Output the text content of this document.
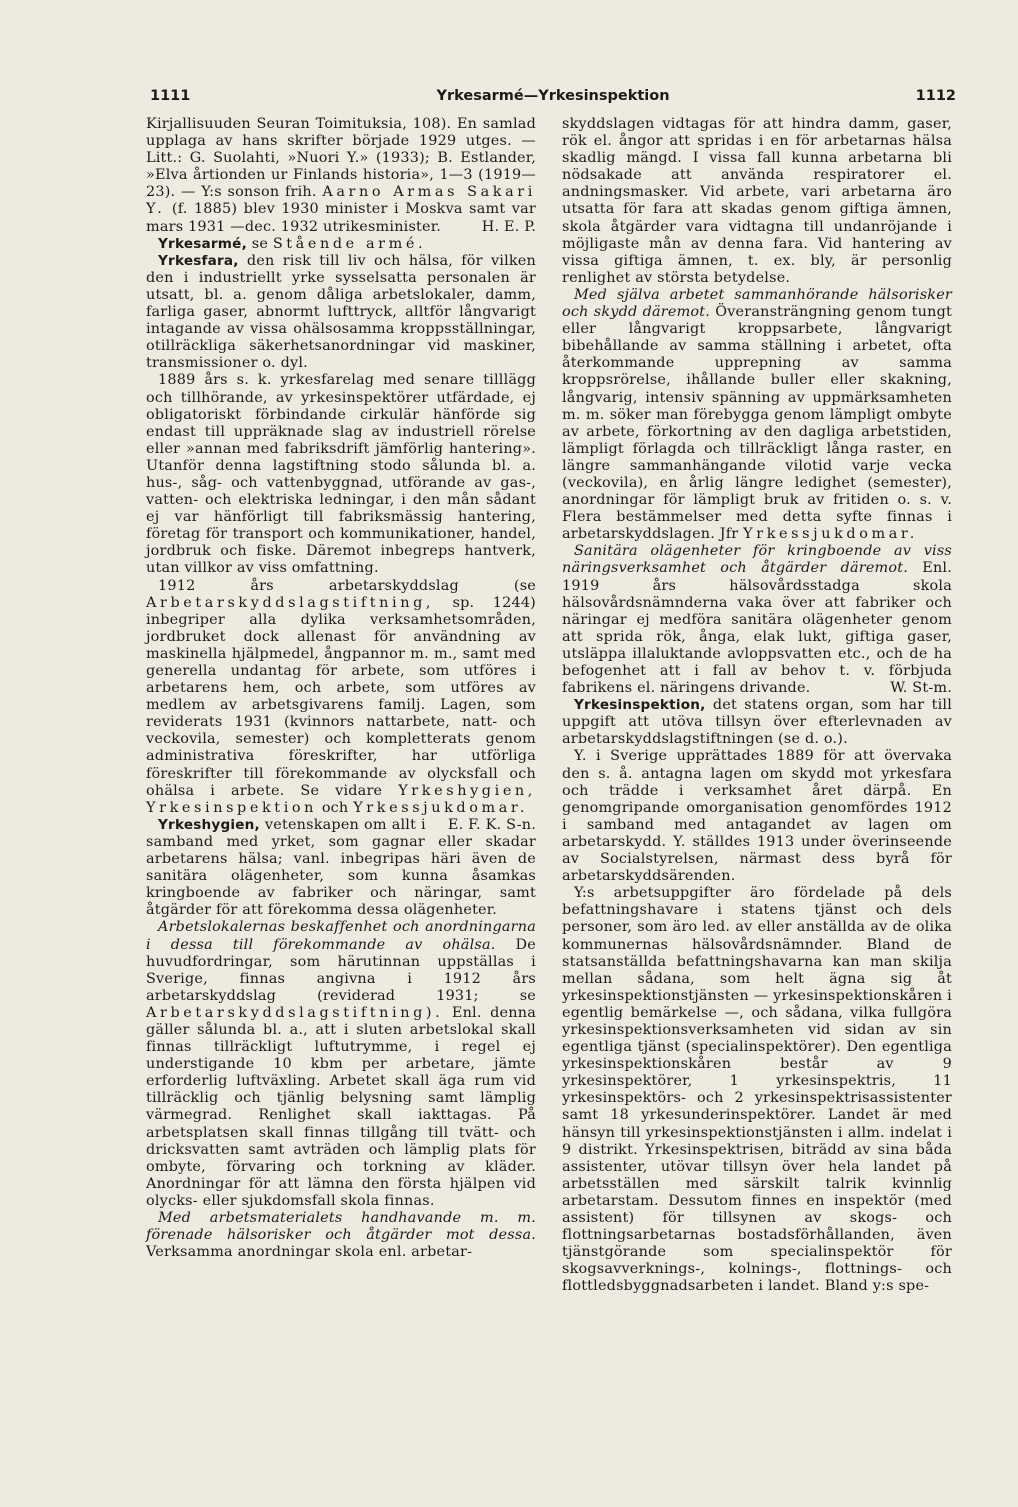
1111	Yrkesarmé—Yrkesinspektion	1112

Kirjallisuuden Seuran Toimituksia, 108). En samlad upplaga av hans skrifter började 1929 utges. — Litt.: G. Suolahti, »Nuori Y.» (1933); B. Estlander, »Elva årtionden ur Finlands historia», 1—3 (1919—23). — Y:s sonson frih. Aarno Armas Sakari Y. (f. 1885) blev 1930 minister i Moskva samt var mars 1931 —dec. 1932 utrikesminister.	H. E. P.

Yrkesarmé, se Stående armé.

Yrkesfara, den risk till liv och hälsa, för vilken den i industriellt yrke sysselsatta personalen är utsatt, bl. a. genom dåliga arbetslokaler, damm, farliga gaser, abnormt lufttryck, alltför långvarigt intagande av vissa ohälsosamma kroppsställningar, otillräckliga säkerhetsanordningar vid maskiner, transmissioner o. dyl.

1889 års s. k. yrkesfarelag med senare tilllägg och tillhörande, av yrkesinspektörer utfärdade, ej obligatoriskt förbindande cirkulär hänförde sig endast till uppräknade slag av industriell rörelse eller »annan med fabriksdrift jämförlig hantering». Utanför denna lagstiftning stodo sålunda bl. a. hus-, såg- och vattenbyggnad, utförande av gas-, vatten- och elektriska ledningar, i den mån sådant ej var hänförligt till fabriksmässig hantering, företag för transport och kommunikationer, handel, jordbruk och fiske. Däremot inbegreps hantverk, utan villkor av viss omfattning.

1912 års arbetarskyddslag (se Arbetarskyddslagstiftning, sp. 1244) inbegriper alla dylika verksamhetsområden, jordbruket dock allenast för användning av maskinella hjälpmedel, ångpannor m. m., samt med generella undantag för arbete, som utföres i arbetarens hem, och arbete, som utföres av medlem av arbetsgivarens familj. Lagen, som reviderats 1931 (kvinnors nattarbete, natt- och veckovila, semester) och kompletterats genom administrativa föreskrifter, har utförliga föreskrifter till förekommande av olycksfall och ohälsa i arbete. Se vidare Yrkeshygien, Yrkesinspektion och Yrkessjukdomar.
E. F. K. S-n.

Yrkeshygien, vetenskapen om allt i samband med yrket, som gagnar eller skadar arbetarens hälsa; vanl. inbegripas häri även de sanitära olägenheter, som kunna åsamkas kringboende av fabriker och näringar, samt åtgärder för att förekomma dessa olägenheter.

Arbetslokalernas beskaffenhet och anordningarna i dessa till förekommande av ohälsa. De huvudfordringar, som härutinnan uppställas i Sverige, finnas angivna i 1912 års arbetarskyddslag (reviderad 1931; se Arbetarskyddslagstiftning). Enl. denna gäller sålunda bl. a., att i sluten arbetslokal skall finnas tillräckligt luftutrymme, i regel ej understigande 10 kbm per arbetare, jämte erforderlig luftväxling. Arbetet skall äga rum vid tillräcklig och tjänlig belysning samt lämplig värmegrad. Renlighet skall iakttagas. På arbetsplatsen skall finnas tillgång till tvätt- och dricksvatten samt avträden och lämplig plats för ombyte, förvaring och torkning av kläder. Anordningar för att lämna den första hjälpen vid olycks- eller sjukdomsfall skola finnas.

Med arbetsmaterialets handhavande m. m. förenade hälsorisker och åtgärder mot dessa. Verksamma anordningar skola enl. arbetar-

skyddslagen vidtagas för att hindra damm, gaser, rök el. ångor att spridas i en för arbetarnas hälsa skadlig mängd. I vissa fall kunna arbetarna bli nödsakade att använda respiratorer el. andningsmasker. Vid arbete, vari arbetarna äro utsatta för fara att skadas genom giftiga ämnen, skola åtgärder vara vidtagna till undanröjande i möjligaste mån av denna fara. Vid hantering av vissa giftiga ämnen, t. ex. bly, är personlig renlighet av största betydelse.

Med själva arbetet sammanhörande hälsorisker och skydd däremot. Överansträngning genom tungt eller långvarigt kroppsarbete, långvarigt bibehållande av samma ställning i arbetet, ofta återkommande upprepning av samma kroppsrörelse, ihållande buller eller skakning, långvarig, intensiv spänning av uppmärksamheten m. m. söker man förebygga genom lämpligt ombyte av arbete, förkortning av den dagliga arbetstiden, lämpligt förlagda och tillräckligt långa raster, en längre sammanhängande vilotid varje vecka (veckovila), en årlig längre ledighet (semester), anordningar för lämpligt bruk av fritiden o. s. v. Flera bestämmelser med detta syfte finnas i arbetarskyddslagen. Jfr Yrkessjukdomar.

Sanitära olägenheter för kringboende av viss näringsverksamhet och åtgärder däremot. Enl. 1919 års hälsovårdsstadga skola hälsovårdsnämnderna vaka över att fabriker och näringar ej medföra sanitära olägenheter genom att sprida rök, ånga, elak lukt, giftiga gaser, utsläppa illaluktande avloppsvatten etc., och de ha befogenhet att i fall av behov t. v. förbjuda fabrikens el. näringens drivande.	W. St-m.

Yrkesinspektion, det statens organ, som har till uppgift att utöva tillsyn över efterlevnaden av arbetarskyddslagstiftningen (se d. o.).

Y. i Sverige upprättades 1889 för att övervaka den s. å. antagna lagen om skydd mot yrkesfara och trädde i verksamhet året därpå. En genomgripande omorganisation genomfördes 1912 i samband med antagandet av lagen om arbetarskydd. Y. ställdes 1913 under överinseende av Socialstyrelsen, närmast dess byrå för arbetarskyddsärenden.

Y:s arbetsuppgifter äro fördelade på dels befattningshavare i statens tjänst och dels personer, som äro led. av eller anställda av de olika kommunernas hälsovårdsnämnder. Bland de statsanställda befattningshavarna kan man skilja mellan sådana, som helt ägna sig åt yrkesinspektionstjänsten — yrkesinspektionskåren i egentlig bemärkelse —, och sådana, vilka fullgöra yrkesinspektionsverksamheten vid sidan av sin egentliga tjänst (specialinspektörer). Den egentliga yrkesinspektionskåren består av 9 yrkesinspektörer, 1 yrkesinspektris, 11 yrkesinspektörs- och 2 yrkesinspektrisassistenter samt 18 yrkesunderinspektörer. Landet är med hänsyn till yrkesinspektionstjänsten i allm. indelat i 9 distrikt. Yrkesinspektrisen, biträdd av sina båda assistenter, utövar tillsyn över hela landet på arbetsställen med särskilt talrik kvinnlig arbetarstam. Dessutom finnes en inspektör (med assistent) för tillsynen av skogs- och flottningsarbetarnas bostadsförhållanden, även tjänstgörande som specialinspektör för skogsavverknings-, kolnings-, flottnings- och flottledsbyggnadsarbeten i landet. Bland y:s spe-
